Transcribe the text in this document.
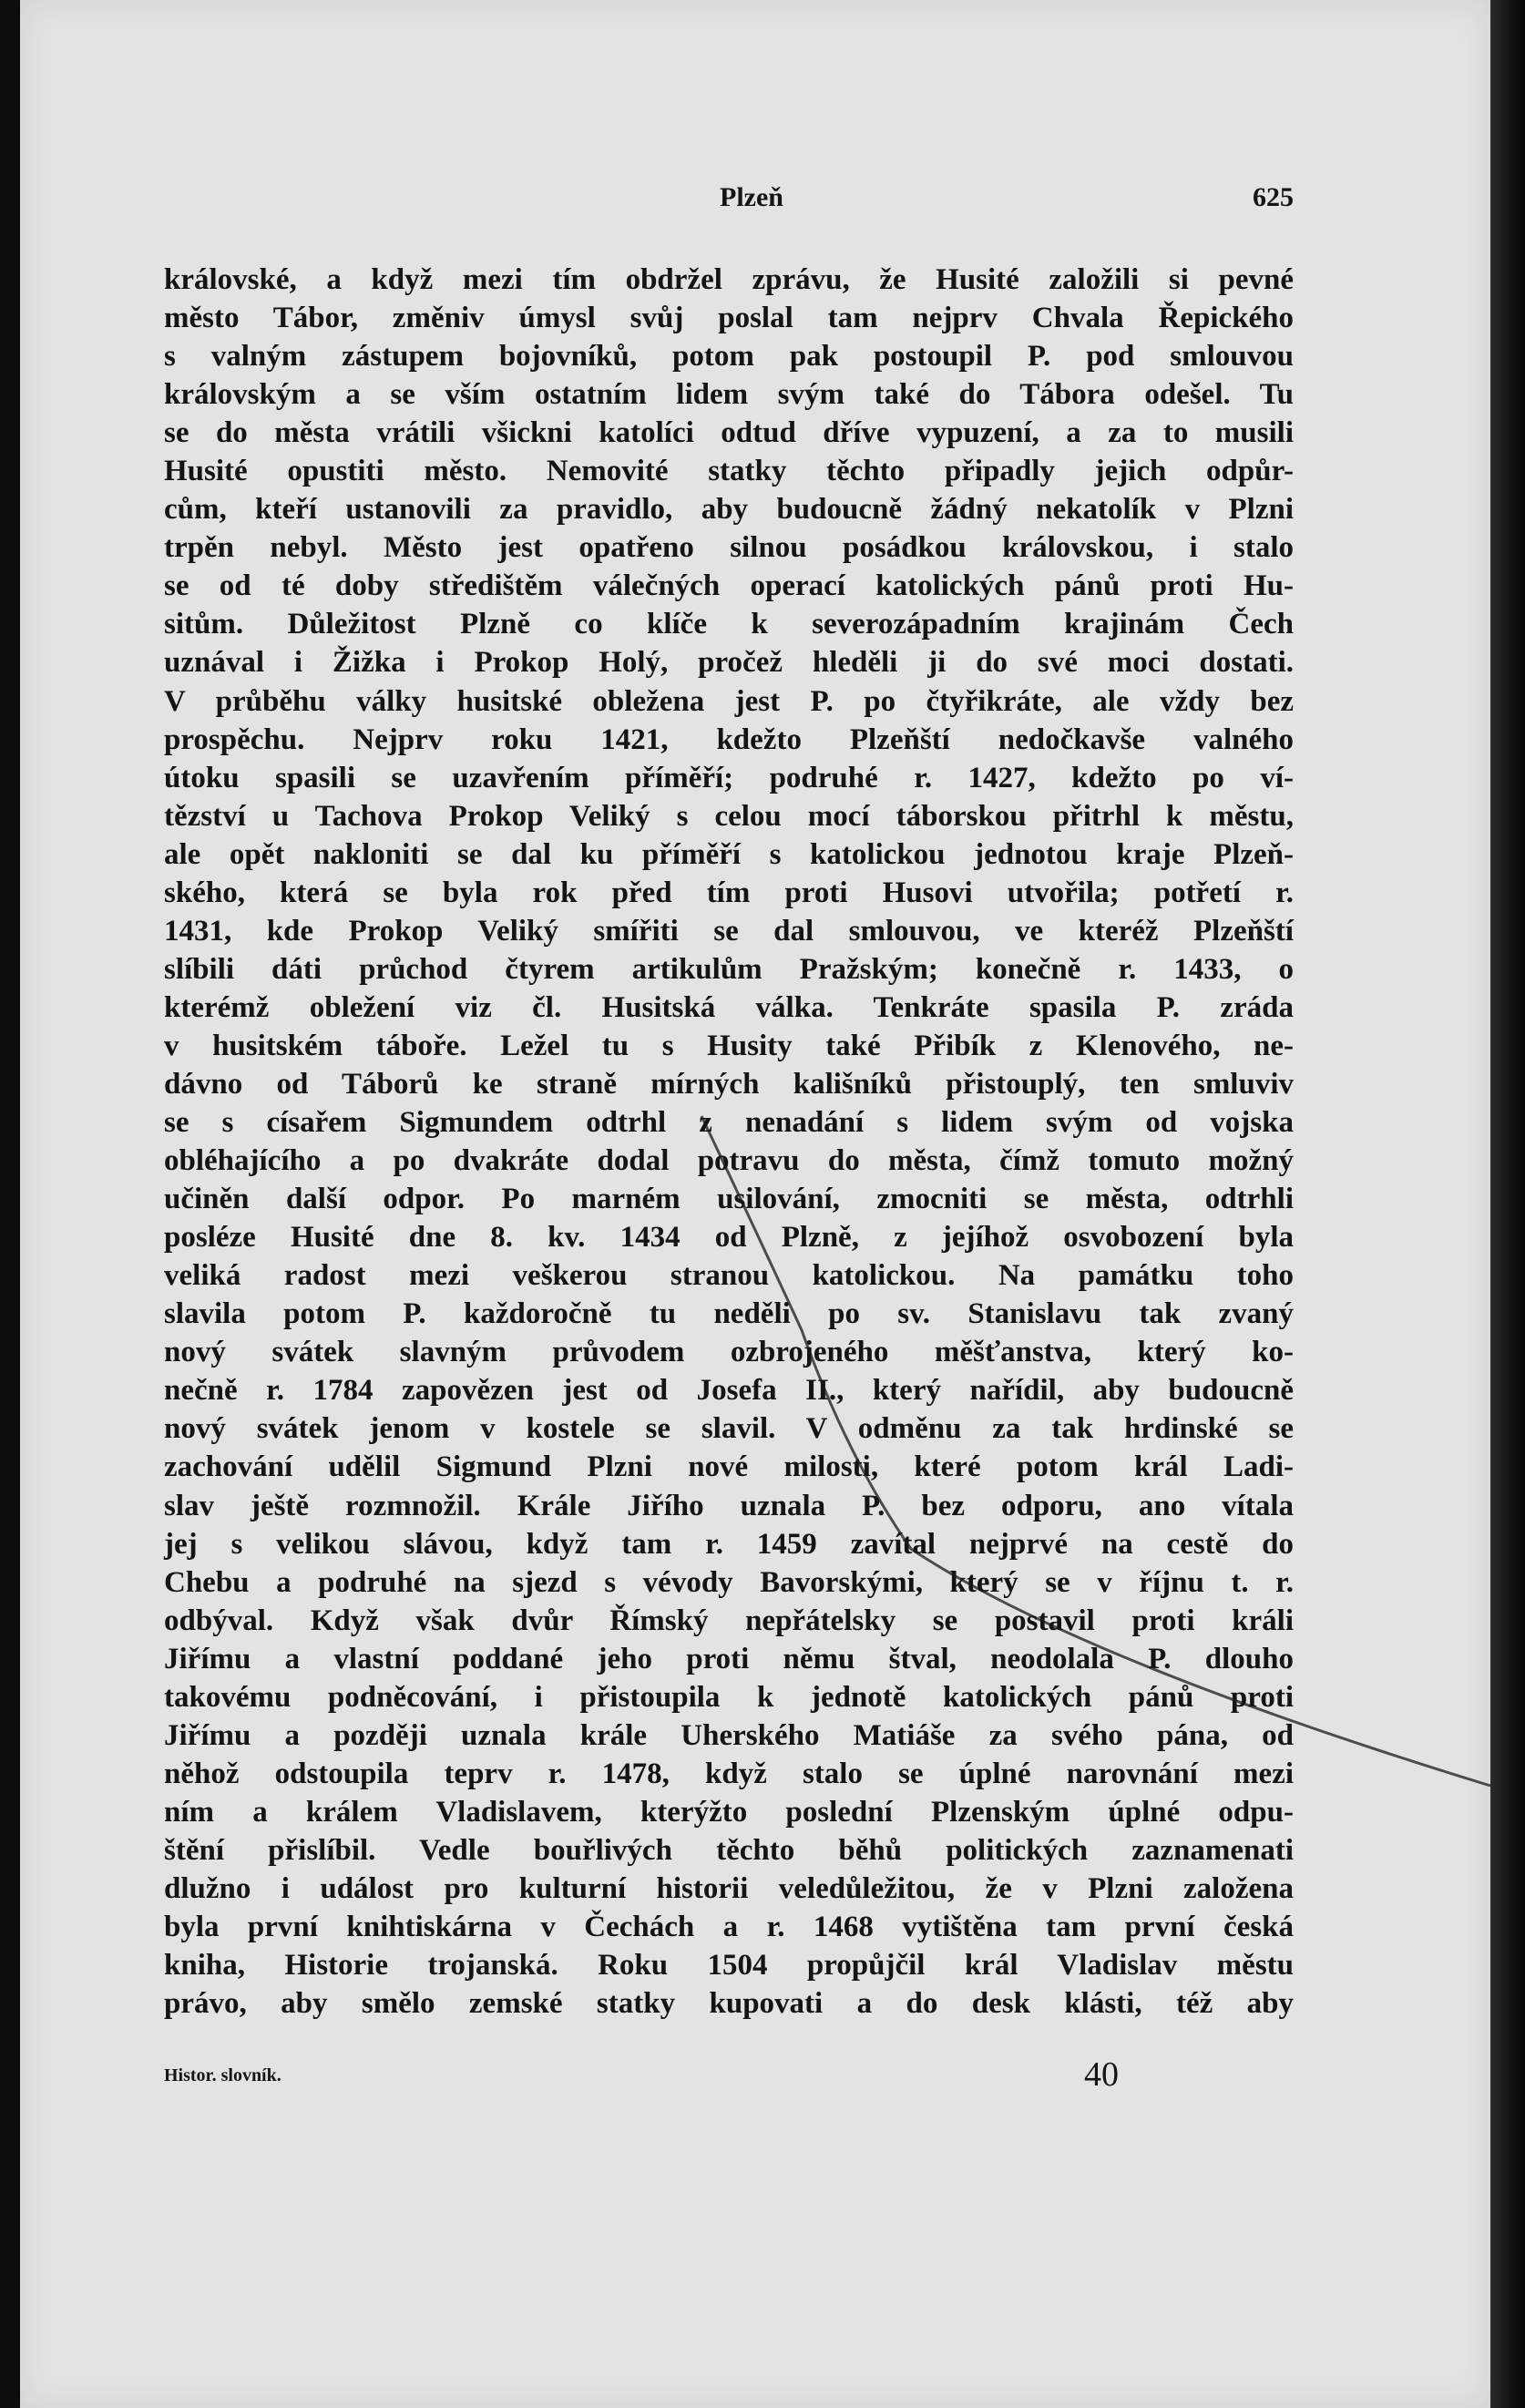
Plzeň	625
královské, a když mezi tím obdržel zprávu, že Husité založili si pevné
město Tábor, změniv úmysl svůj poslal tam nejprv Chvala Řepického
s valným zástupem bojovníků, potom pak postoupil P. pod smlouvou
královským a se vším ostatním lidem svým také do Tábora odešel. Tu
se do města vrátili všickni katolíci odtud dříve vypuzení, a za to musili
Husité opustiti město. Nemovité statky těchto připadly jejich odpůr-
cům, kteří ustanovili za pravidlo, aby budoucně žádný nekatolík v Plzni
trpěn nebyl. Město jest opatřeno silnou posádkou královskou, i stalo
se od té doby středištěm válečných operací katolických pánů proti Hu-
sitům. Důležitost Plzně co klíče k severozápadním krajinám Čech
uznával i Žižka i Prokop Holý, pročež hleděli ji do své moci dostati.
V průběhu války husitské obležena jest P. po čtyřikráte, ale vždy bez
prospěchu. Nejprv roku 1421, kdežto Plzeňští nedočkavše valného
útoku spasili se uzavřením příměří; podruhé r. 1427, kdežto po ví-
tězství u Tachova Prokop Veliký s celou mocí táborskou přitrhl k městu,
ale opět nakloniti se dal ku příměří s katolickou jednotou kraje Plzeň-
ského, která se byla rok před tím proti Husovi utvořila; potřetí r.
1431, kde Prokop Veliký smířiti se dal smlouvou, ve kteréž Plzeňští
slíbili dáti průchod čtyrem artikulům Pražským; konečně r. 1433, o
kterémž obležení viz čl. Husitská válka. Tenkráte spasila P. zráda
v husitském táboře. Ležel tu s Husity také Přibík z Klenového, ne-
dávno od Táborů ke straně mírných kališníků přistouplý, ten smluviv
se s císařem Sigmundem odtrhl z nenadání s lidem svým od vojska
obléhajícího a po dvakráte dodal potravu do města, čímž tomuto možný
učiněn další odpor. Po marném usilování, zmocniti se města, odtrhli
posléze Husité dne 8. kv. 1434 od Plzně, z jejíhož osvobození byla
veliká radost mezi veškerou stranou katolickou. Na památku toho
slavila potom P. každoročně tu neděli po sv. Stanislavu tak zvaný
nový svátek slavným průvodem ozbrojeného měšťanstva, který ko-
nečně r. 1784 zapovězen jest od Josefa II., který nařídil, aby budoucně
nový svátek jenom v kostele se slavil. V odměnu za tak hrdinské se
zachování udělil Sigmund Plzni nové milosti, které potom král Ladi-
slav ještě rozmnožil. Krále Jiřího uznala P. bez odporu, ano vítala
jej s velikou slávou, když tam r. 1459 zavítal nejprvé na cestě do
Chebu a podruhé na sjezd s vévody Bavorskými, který se v říjnu t. r.
odbýval. Když však dvůr Římský nepřátelsky se postavil proti králi
Jiřímu a vlastní poddané jeho proti němu štval, neodolala P. dlouho
takovému podněcování, i přistoupila k jednotě katolických pánů proti
Jiřímu a později uznala krále Uherského Matiáše za svého pána, od
něhož odstoupila teprv r. 1478, když stalo se úplné narovnání mezi
ním a králem Vladislavem, kterýžto poslední Plzenským úplné odpu-
štění přislíbil. Vedle bouřlivých těchto běhů politických zaznamenati
dlužno i událost pro kulturní historii veledůležitou, že v Plzni založena
byla první knihtiskárna v Čechách a r. 1468 vytištěna tam první česká
kniha, Historie trojanská. Roku 1504 propůjčil král Vladislav městu
právo, aby smělo zemské statky kupovati a do desk klásti, též aby
Histor. slovník.	40
